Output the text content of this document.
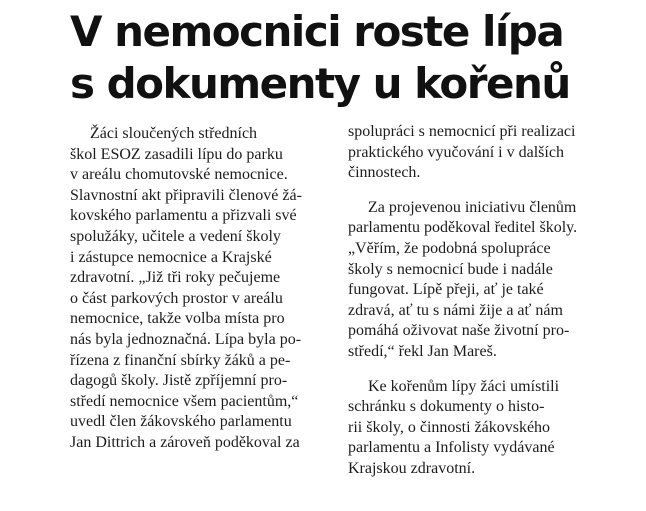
V nemocnici roste lípa
s dokumenty u kořenů

Žáci sloučených středních
škol ESOZ zasadili lípu do parku
v areálu chomutovské nemocnice.
Slavnostní akt připravili členové žá-
kovského parlamentu a přizvali své
spolužáky, učitele a vedení školy
i zástupce nemocnice a Krajské
zdravotní. „Již tři roky pečujeme
o část parkových prostor v areálu
nemocnice, takže volba místa pro
nás byla jednoznačná. Lípa byla po-
řízena z finanční sbírky žáků a pe-
dagogů školy. Jistě zpříjemní pro-
středí nemocnice všem pacientům,“
uvedl člen žákovského parlamentu
Jan Dittrich a zároveň poděkoval za

spolupráci s nemocnicí při realizaci
praktického vyučování i v dalších
činnostech.

Za projevenou iniciativu členům
parlamentu poděkoval ředitel školy.
„Věřím, že podobná spolupráce
školy s nemocnicí bude i nadále
fungovat. Lípě přeji, ať je také
zdravá, ať tu s námi žije a ať nám
pomáhá oživovat naše životní pro-
středí,“ řekl Jan Mareš.

Ke kořenům lípy žáci umístili
schránku s dokumenty o histo-
rii školy, o činnosti žákovského
parlamentu a Infolisty vydávané
Krajskou zdravotní.
